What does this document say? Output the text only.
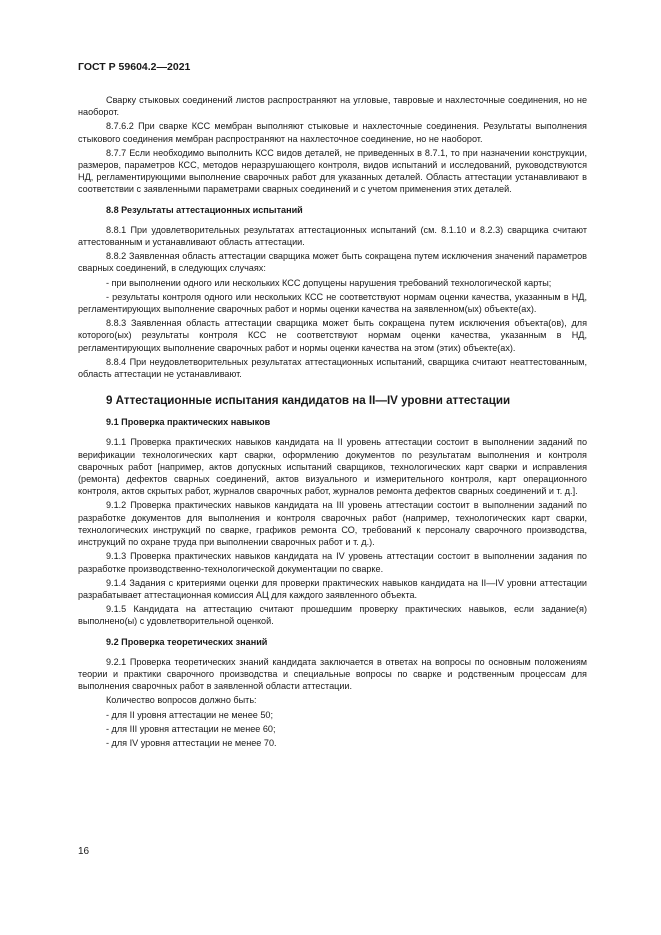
ГОСТ Р 59604.2—2021
Сварку стыковых соединений листов распространяют на угловые, тавровые и нахлесточные соединения, но не наоборот.
8.7.6.2 При сварке КСС мембран выполняют стыковые и нахлесточные соединения. Результаты выполнения стыкового соединения мембран распространяют на нахлесточное соединение, но не наоборот.
8.7.7 Если необходимо выполнить КСС видов деталей, не приведенных в 8.7.1, то при назначении конструкции, размеров, параметров КСС, методов неразрушающего контроля, видов испытаний и исследований, руководствуются НД, регламентирующими выполнение сварочных работ для указанных деталей. Область аттестации устанавливают в соответствии с заявленными параметрами сварных соединений и с учетом применения этих деталей.
8.8 Результаты аттестационных испытаний
8.8.1 При удовлетворительных результатах аттестационных испытаний (см. 8.1.10 и 8.2.3) сварщика считают аттестованным и устанавливают область аттестации.
8.8.2 Заявленная область аттестации сварщика может быть сокращена путем исключения значений параметров сварных соединений, в следующих случаях:
- при выполнении одного или нескольких КСС допущены нарушения требований технологической карты;
- результаты контроля одного или нескольких КСС не соответствуют нормам оценки качества, указанным в НД, регламентирующих выполнение сварочных работ и нормы оценки качества на заявленном(ых) объекте(ах).
8.8.3 Заявленная область аттестации сварщика может быть сокращена путем исключения объекта(ов), для которого(ых) результаты контроля КСС не соответствуют нормам оценки качества, указанным в НД, регламентирующих выполнение сварочных работ и нормы оценки качества на этом (этих) объекте(ах).
8.8.4 При неудовлетворительных результатах аттестационных испытаний, сварщика считают неаттестованным, область аттестации не устанавливают.
9 Аттестационные испытания кандидатов на II—IV уровни аттестации
9.1 Проверка практических навыков
9.1.1 Проверка практических навыков кандидата на II уровень аттестации состоит в выполнении заданий по верификации технологических карт сварки, оформлению документов по результатам выполнения и контроля сварочных работ [например, актов допускных испытаний сварщиков, технологических карт сварки и исправления (ремонта) дефектов сварных соединений, актов визуального и измерительного контроля, карт операционного контроля, актов скрытых работ, журналов сварочных работ, журналов ремонта дефектов сварных соединений и т. д.].
9.1.2 Проверка практических навыков кандидата на III уровень аттестации состоит в выполнении заданий по разработке документов для выполнения и контроля сварочных работ (например, технологических карт сварки, технологических инструкций по сварке, графиков ремонта СО, требований к персоналу сварочного производства, инструкций по охране труда при выполнении сварочных работ и т. д.).
9.1.3 Проверка практических навыков кандидата на IV уровень аттестации состоит в выполнении задания по разработке производственно-технологической документации по сварке.
9.1.4 Задания с критериями оценки для проверки практических навыков кандидата на II—IV уровни аттестации разрабатывает аттестационная комиссия АЦ для каждого заявленного объекта.
9.1.5 Кандидата на аттестацию считают прошедшим проверку практических навыков, если задание(я) выполнено(ы) с удовлетворительной оценкой.
9.2 Проверка теоретических знаний
9.2.1 Проверка теоретических знаний кандидата заключается в ответах на вопросы по основным положениям теории и практики сварочного производства и специальные вопросы по сварке и родственным процессам для выполнения сварочных работ в заявленной области аттестации.
Количество вопросов должно быть:
- для II уровня аттестации не менее 50;
- для III уровня аттестации не менее 60;
- для IV уровня аттестации не менее 70.
16
